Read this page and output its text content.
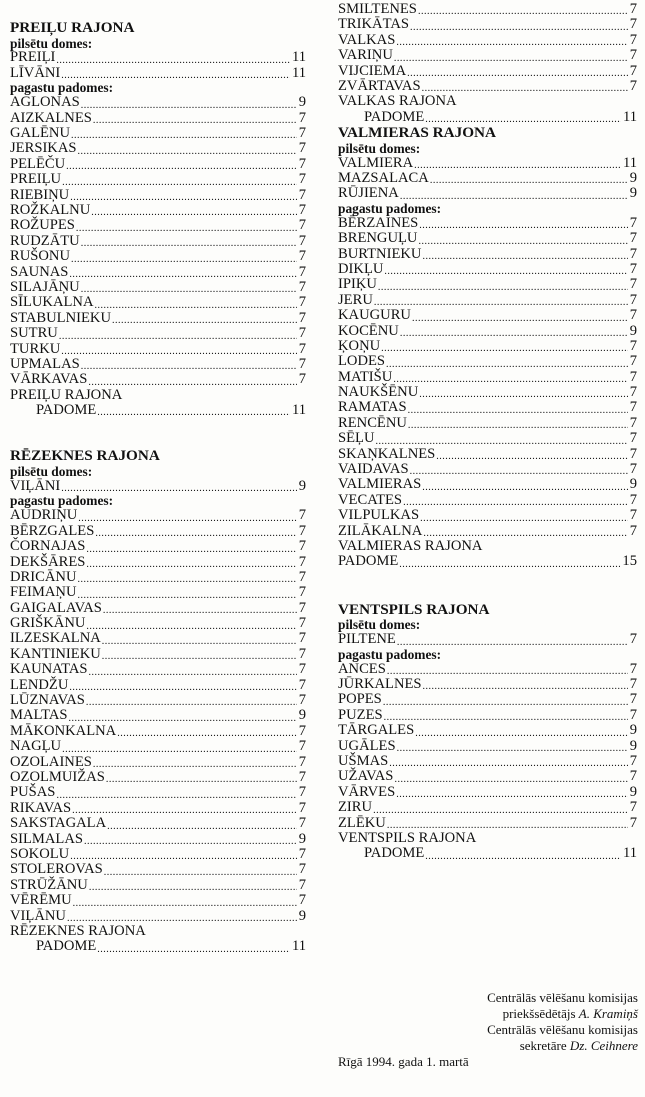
PREIĻU RAJONA
pilsētu domes:
PREIĻI .....	11
LĪVĀNI .....	11
pagastu padomes:
AGLONAS .....	9
AIZKALNES .....	7
GALĒNU .....	7
JERSIKAS .....	7
PELĒČU .....	7
PREIĻU .....	7
RIEBIŅU .....	7
ROŽKALNU .....	7
ROŽUPES .....	7
RUDZĀTU .....	7
RUŠONU .....	7
SAUNAS .....	7
SILAJĀŅU .....	7
SĪLUKALNA .....	7
STABULNIEKU .....	7
SUTRU .....	7
TURKU .....	7
UPMALAS .....	7
VĀRKAVAS .....	7
PREIĻU RAJONA
PADOME .....	11
RĒZEKNES RAJONA
pilsētu domes:
VIĻĀNI .....	9
pagastu padomes:
AUDRIŅU .....	7
BĒRZGALES .....	7
ČORNAJAS .....	7
DEKŠĀRES .....	7
DRICĀNU .....	7
FEIMAŅU .....	7
GAIGALAVAS .....	7
GRIŠKĀNU .....	7
ILZESKALNA .....	7
KANTINIEKU .....	7
KAUNATAS .....	7
LENDŽU .....	7
LŪZNAVAS .....	7
MALTAS .....	9
MĀKONKALNA .....	7
NAGĻU .....	7
OZOLAINES .....	7
OZOLMUIŽAS .....	7
PUŠAS .....	7
RIKAVAS .....	7
SAKSTAGALA .....	7
SILMALAS .....	9
SOKOLU .....	7
STOLEROVAS .....	7
STRŪŽĀNU .....	7
VĒRĒMU .....	7
VIĻĀNU .....	9
RĒZEKNES RAJONA
PADOME .....	11
SMILTENES .....	7
TRIKĀTAS .....	7
VALKAS .....	7
VARIŅU .....	7
VIJCIEMA .....	7
ZVĀRTAVAS .....	7
VALKAS RAJONA
PADOME .....	11
VALMIERAS RAJONA
pilsētu domes:
VALMIERA .....	11
MAZSALACA .....	9
RŪJIENA .....	9
pagastu padomes:
BĒRZAINES .....	7
BRENGUĻU .....	7
BURTNIEKU .....	7
DIKĻU .....	7
IPIĶU .....	7
JERU .....	7
KAUGURU .....	7
KOCĒNU .....	9
ĶOŅU .....	7
LODES .....	7
MATIŠU .....	7
NAUKŠĒNU .....	7
RAMATAS .....	7
RENCĒNU .....	7
SĒĻU .....	7
SKAŅKALNES .....	7
VAIDAVAS .....	7
VALMIERAS .....	9
VECATES .....	7
VILPULKAS .....	7
ZILĀKALNA .....	7
VALMIERAS RAJONA
PADOME .....	15
VENTSPILS RAJONA
pilsētu domes:
PILTENE .....	7
pagastu padomes:
ANCES .....	7
JŪRKALNES .....	7
POPES .....	7
PUZES .....	7
TĀRGALES .....	9
UGĀLES .....	9
UŠMAS .....	7
UŽAVAS .....	7
VĀRVES .....	9
ZIRU .....	7
ZLĒKU .....	7
VENTSPILS RAJONA
PADOME .....	11
Centrālās vēlēšanu komisijas
priekšsēdētājs A. Kramiņš
Centrālās vēlēšanu komisijas
sekretāre Dz. Ceihnere
Rīgā 1994. gada 1. martā
